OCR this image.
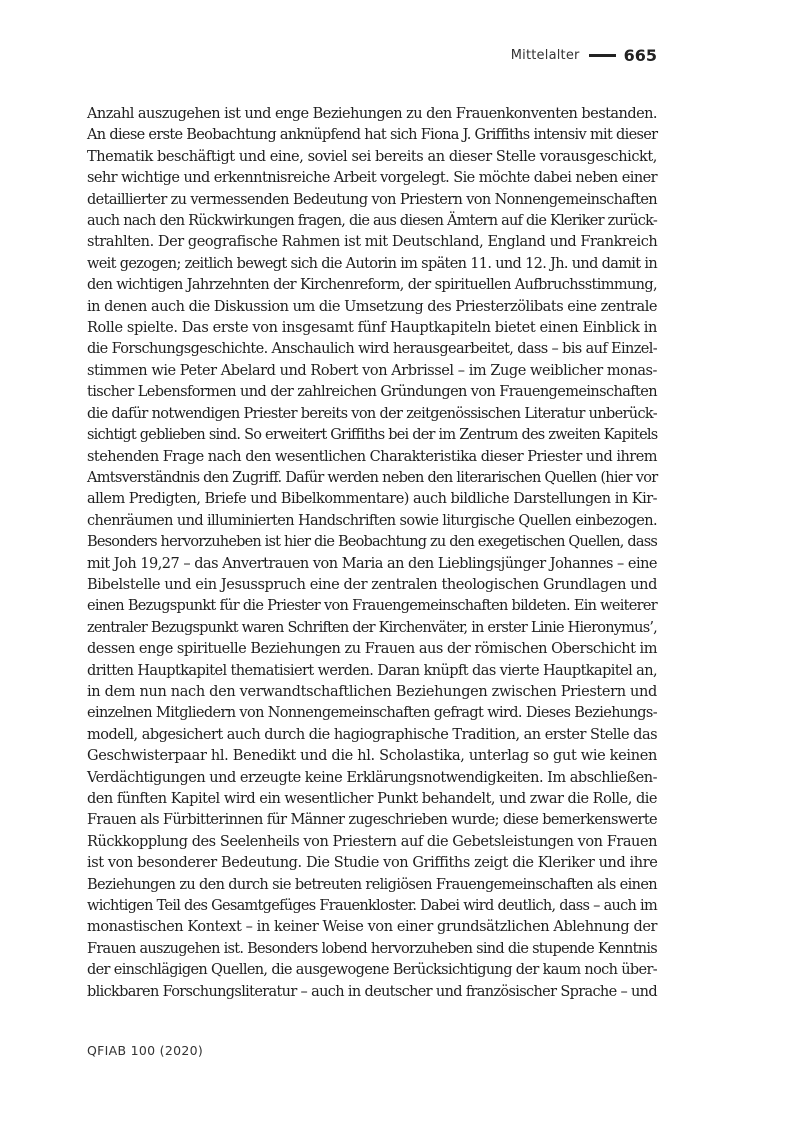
Mittelalter	665
Anzahl auszugehen ist und enge Beziehungen zu den Frauenkonventen bestanden.
An diese erste Beobachtung anknüpfend hat sich Fiona J. Griffiths intensiv mit dieser
Thematik beschäftigt und eine, soviel sei bereits an dieser Stelle vorausgeschickt,
sehr wichtige und erkenntnisreiche Arbeit vorgelegt. Sie möchte dabei neben einer
detaillierter zu vermessenden Bedeutung von Priestern von Nonnengemeinschaften
auch nach den Rückwirkungen fragen, die aus diesen Ämtern auf die Kleriker zurück-
strahlten. Der geografische Rahmen ist mit Deutschland, England und Frankreich
weit gezogen; zeitlich bewegt sich die Autorin im späten 11. und 12. Jh. und damit in
den wichtigen Jahrzehnten der Kirchenreform, der spirituellen Aufbruchsstimmung,
in denen auch die Diskussion um die Umsetzung des Priesterzölibats eine zentrale
Rolle spielte. Das erste von insgesamt fünf Hauptkapiteln bietet einen Einblick in
die Forschungsgeschichte. Anschaulich wird herausgearbeitet, dass – bis auf Einzel-
stimmen wie Peter Abelard und Robert von Arbrissel – im Zuge weiblicher monas-
tischer Lebensformen und der zahlreichen Gründungen von Frauengemeinschaften
die dafür notwendigen Priester bereits von der zeitgenössischen Literatur unberück-
sichtigt geblieben sind. So erweitert Griffiths bei der im Zentrum des zweiten Kapitels
stehenden Frage nach den wesentlichen Charakteristika dieser Priester und ihrem
Amtsverständnis den Zugriff. Dafür werden neben den literarischen Quellen (hier vor
allem Predigten, Briefe und Bibelkommentare) auch bildliche Darstellungen in Kir-
chenräumen und illuminierten Handschriften sowie liturgische Quellen einbezogen.
Besonders hervorzuheben ist hier die Beobachtung zu den exegetischen Quellen, dass
mit Joh 19,27 – das Anvertrauen von Maria an den Lieblingsjünger Johannes – eine
Bibelstelle und ein Jesusspruch eine der zentralen theologischen Grundlagen und
einen Bezugspunkt für die Priester von Frauengemeinschaften bildeten. Ein weiterer
zentraler Bezugspunkt waren Schriften der Kirchenväter, in erster Linie Hieronymus’,
dessen enge spirituelle Beziehungen zu Frauen aus der römischen Oberschicht im
dritten Hauptkapitel thematisiert werden. Daran knüpft das vierte Hauptkapitel an,
in dem nun nach den verwandtschaftlichen Beziehungen zwischen Priestern und
einzelnen Mitgliedern von Nonnengemeinschaften gefragt wird. Dieses Beziehungs-
modell, abgesichert auch durch die hagiographische Tradition, an erster Stelle das
Geschwisterpaar hl. Benedikt und die hl. Scholastika, unterlag so gut wie keinen
Verdächtigungen und erzeugte keine Erklärungsnotwendigkeiten. Im abschließen-
den fünften Kapitel wird ein wesentlicher Punkt behandelt, und zwar die Rolle, die
Frauen als Fürbitterinnen für Männer zugeschrieben wurde; diese bemerkenswerte
Rückkopplung des Seelenheils von Priestern auf die Gebetsleistungen von Frauen
ist von besonderer Bedeutung. Die Studie von Griffiths zeigt die Kleriker und ihre
Beziehungen zu den durch sie betreuten religiösen Frauengemeinschaften als einen
wichtigen Teil des Gesamtgefüges Frauenkloster. Dabei wird deutlich, dass – auch im
monastischen Kontext – in keiner Weise von einer grundsätzlichen Ablehnung der
Frauen auszugehen ist. Besonders lobend hervorzuheben sind die stupende Kenntnis
der einschlägigen Quellen, die ausgewogene Berücksichtigung der kaum noch über-
blickbaren Forschungsliteratur – auch in deutscher und französischer Sprache – und
QFIAB 100 (2020)
